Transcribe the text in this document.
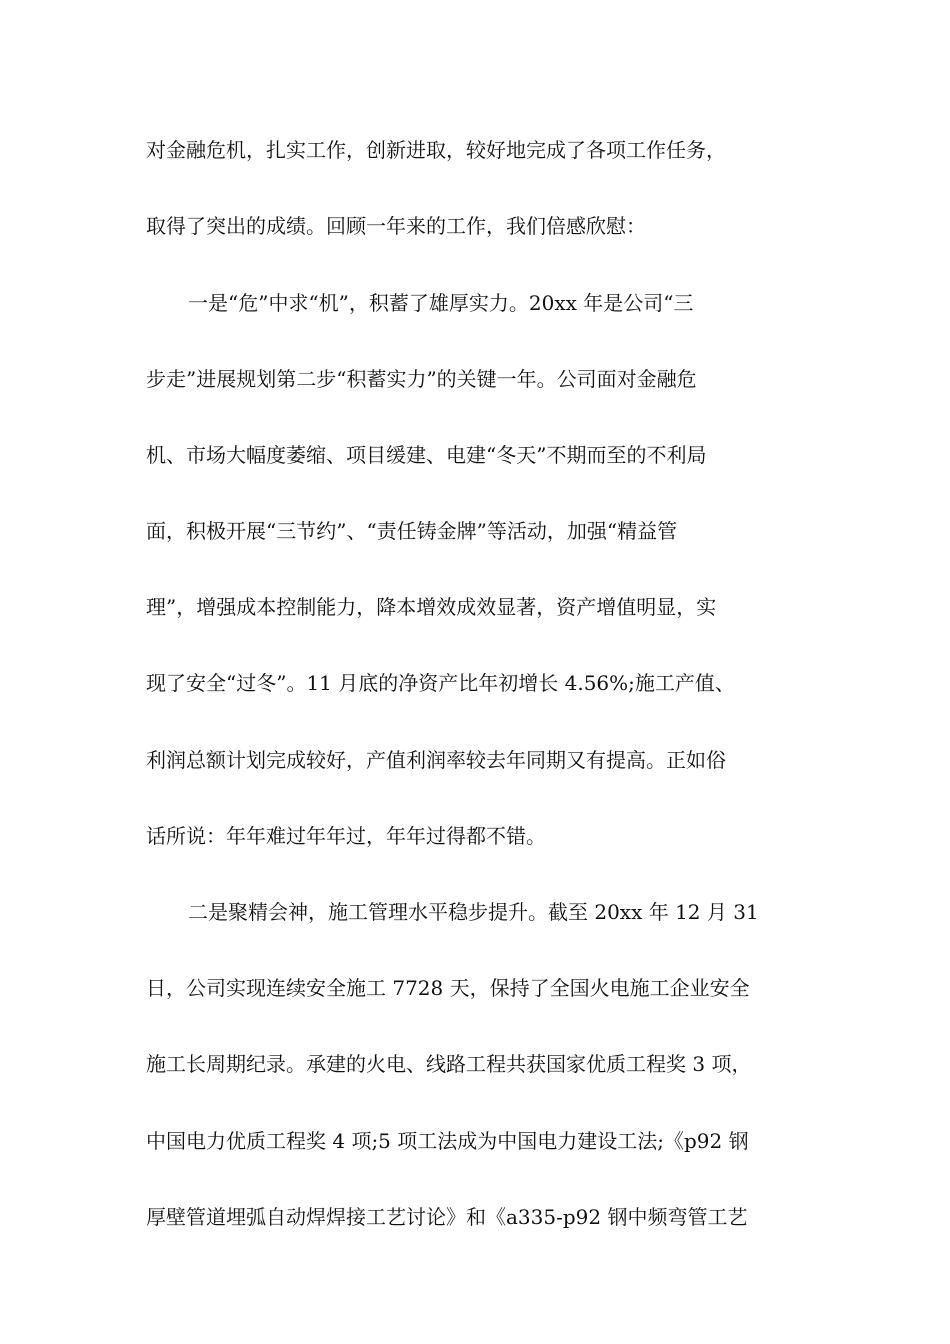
对金融危机，扎实工作，创新进取，较好地完成了各项工作任务，
取得了突出的成绩。回顾一年来的工作，我们倍感欣慰：
一是“危”中求“机”，积蓄了雄厚实力。20xx 年是公司“三
步走”进展规划第二步“积蓄实力”的关键一年。公司面对金融危
机、市场大幅度萎缩、项目缓建、电建“冬天”不期而至的不利局
面，积极开展“三节约”、“责任铸金牌”等活动，加强“精益管
理”，增强成本控制能力，降本增效成效显著，资产增值明显，实
现了安全“过冬”。11 月底的净资产比年初增长 4.56%;施工产值、
利润总额计划完成较好，产值利润率较去年同期又有提高。正如俗
话所说：年年难过年年过，年年过得都不错。
二是聚精会神，施工管理水平稳步提升。截至 20xx 年 12 月 31
日，公司实现连续安全施工 7728 天，保持了全国火电施工企业安全
施工长周期纪录。承建的火电、线路工程共获国家优质工程奖 3 项，
中国电力优质工程奖 4 项;5 项工法成为中国电力建设工法;《p92 钢
厚壁管道埋弧自动焊焊接工艺讨论》和《a335-p92 钢中频弯管工艺
